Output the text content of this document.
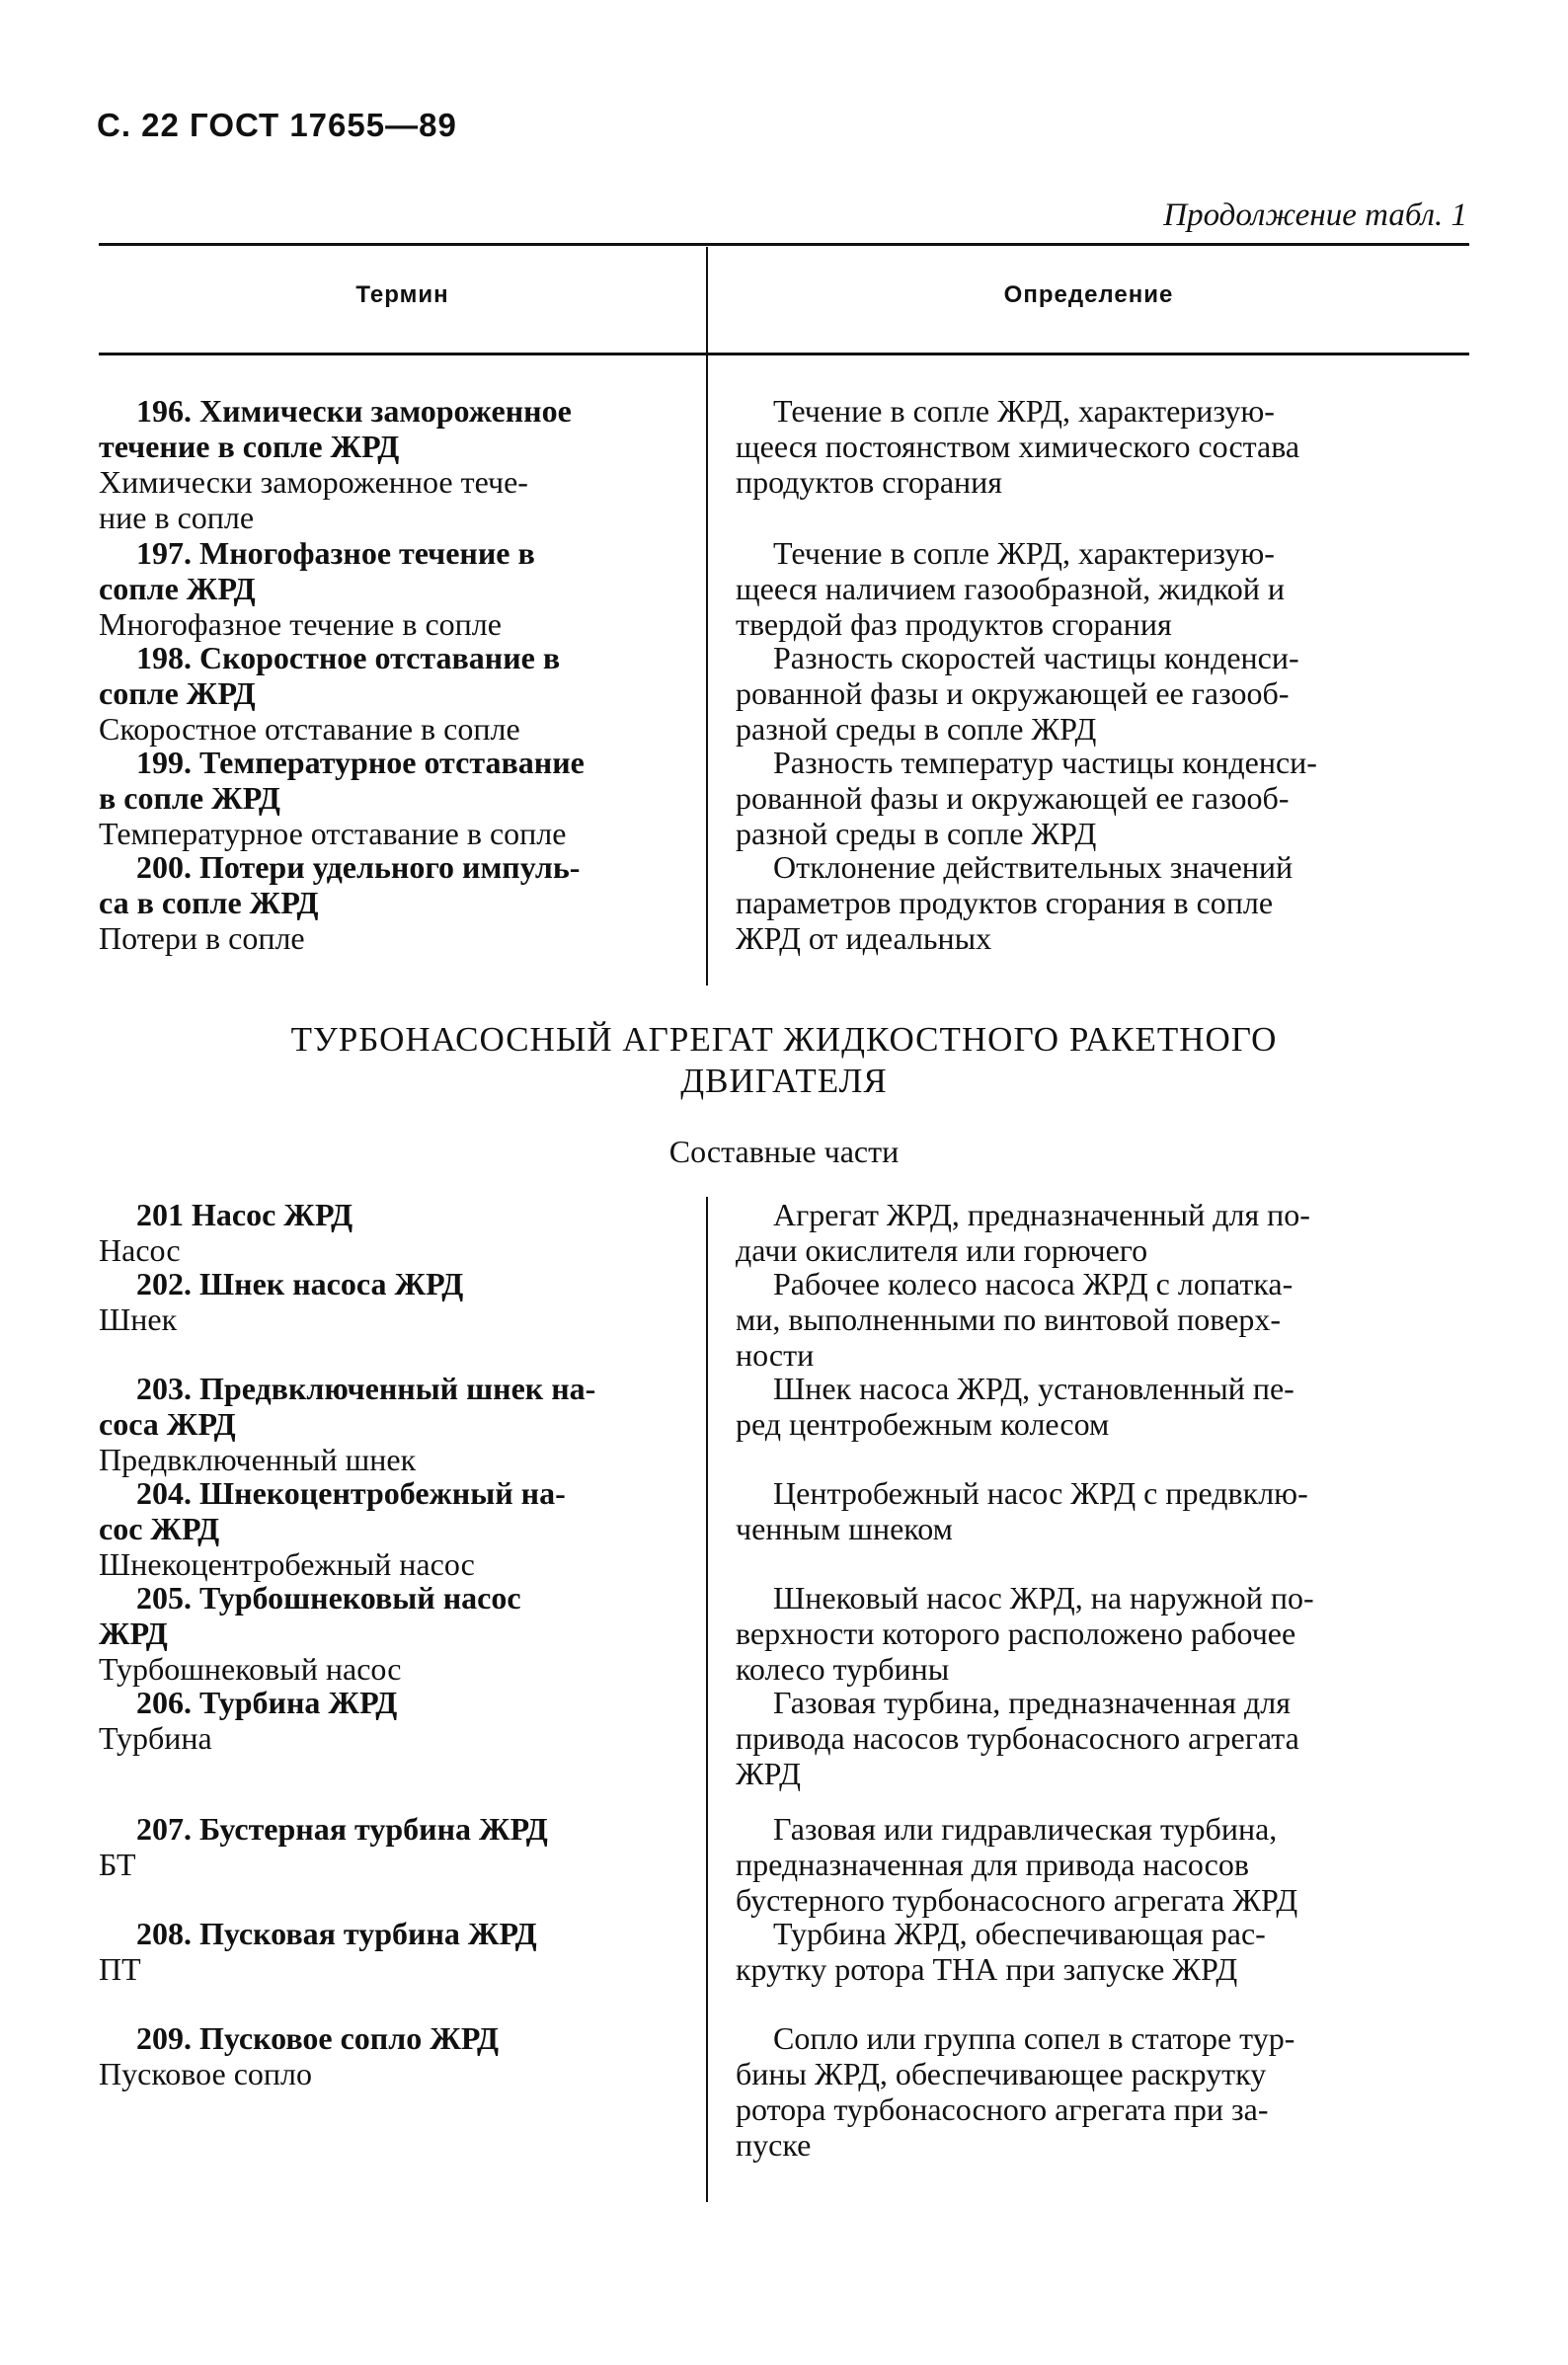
С. 22 ГОСТ 17655—89
Продолжение табл. 1
Термин	Определение
196. Химически замороженное
течение в сопле ЖРД
Химически замороженное тече-
ние в сопле
Течение в сопле ЖРД, характеризую-
щееся постоянством химического состава
продуктов сгорания
197. Многофазное течение в
сопле ЖРД
Многофазное течение в сопле
Течение в сопле ЖРД, характеризую-
щееся наличием газообразной, жидкой и
твердой фаз продуктов сгорания
198. Скоростное отставание в
сопле ЖРД
Скоростное отставание в сопле
Разность скоростей частицы конденси-
рованной фазы и окружающей ее газооб-
разной среды в сопле ЖРД
199. Температурное отставание
в сопле ЖРД
Температурное отставание в сопле
Разность температур частицы конденси-
рованной фазы и окружающей ее газооб-
разной среды в сопле ЖРД
200. Потери удельного импуль-
са в сопле ЖРД
Потери в сопле
Отклонение действительных значений
параметров продуктов сгорания в сопле
ЖРД от идеальных
ТУРБОНАСОСНЫЙ АГРЕГАТ ЖИДКОСТНОГО РАКЕТНОГО
ДВИГАТЕЛЯ
Составные части
201 Насос ЖРД
Насос
Агрегат ЖРД, предназначенный для по-
дачи окислителя или горючего
202. Шнек насоса ЖРД
Шнек
Рабочее колесо насоса ЖРД с лопатка-
ми, выполненными по винтовой поверх-
ности
203. Предвключенный шнек на-
соса ЖРД
Предвключенный шнек
Шнек насоса ЖРД, установленный пе-
ред центробежным колесом
204. Шнекоцентробежный на-
сос ЖРД
Шнекоцентробежный насос
Центробежный насос ЖРД с предвклю-
ченным шнеком
205. Турбошнековый насос
ЖРД
Турбошнековый насос
Шнековый насос ЖРД, на наружной по-
верхности которого расположено рабочее
колесо турбины
206. Турбина ЖРД
Турбина
Газовая турбина, предназначенная для
привода насосов турбонасосного агрегата
ЖРД
207. Бустерная турбина ЖРД
БТ
Газовая или гидравлическая турбина,
предназначенная для привода насосов
бустерного турбонасосного агрегата ЖРД
208. Пусковая турбина ЖРД
ПТ
Турбина ЖРД, обеспечивающая рас-
крутку ротора ТНА при запуске ЖРД
209. Пусковое сопло ЖРД
Пусковое сопло
Сопло или группа сопел в статоре тур-
бины ЖРД, обеспечивающее раскрутку
ротора турбонасосного агрегата при за-
пуске
